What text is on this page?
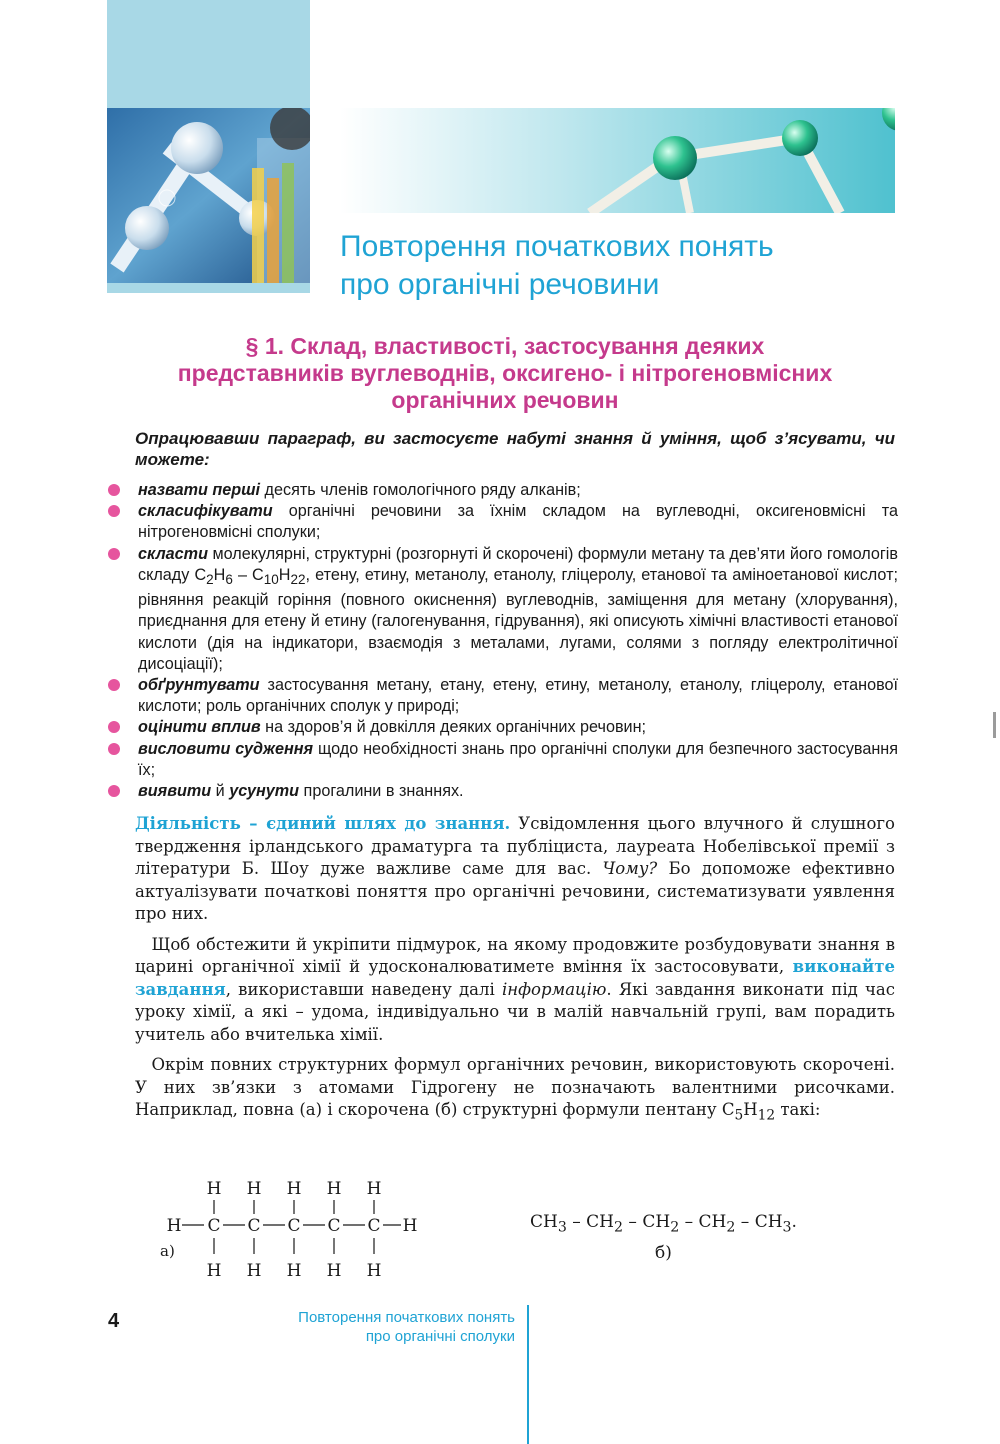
Повторення початкових понять
про органічні речовини
§ 1. Склад, властивості, застосування деяких
представників вуглеводнів, оксигено- і нітрогеновмісних
органічних речовин
Опрацювавши параграф, ви застосуєте набуті знання й уміння, щоб з’ясувати, чи можете:
назвати перші десять членів гомологічного ряду алканів;
скласифікувати органічні речовини за їхнім складом на вуглеводні, оксигеновмісні та нітрогеновмісні сполуки;
скласти молекулярні, структурні (розгорнуті й скорочені) формули метану та дев’яти його гомологів складу $C_2H_6 - C_{10}H_{22}$, етену, етину, метанолу, етанолу, гліцеролу, етанової та аміноетанової кислот; рівняння реакцій горіння (повного окиснення) вуглеводнів, заміщення для метану (хлорування), приєднання для етену й етину (галогенування, гідрування), які описують хімічні властивості етанової кислоти (дія на індикатори, взаємодія з металами, лугами, солями з погляду електролітичної дисоціації);
обґрунтувати застосування метану, етану, етену, етину, метанолу, етанолу, гліцеролу, етанової кислоти; роль органічних сполук у природі;
оцінити вплив на здоров’я й довкілля деяких органічних речовин;
висловити судження щодо необхідності знань про органічні сполуки для безпечного застосування їх;
виявити й усунути прогалини в знаннях.

Діяльність – єдиний шлях до знання. Усвідомлення цього влучного й слушного твердження ірландського драматурга та публіциста, лауреата Нобелівської премії з літератури Б. Шоу дуже важливе саме для вас. Чому? Бо допоможе ефективно актуалізувати початкові поняття про органічні речовини, систематизувати уявлення про них.

 Щоб обстежити й укріпити підмурок, на якому продовжите розбудовувати знання в царині органічної хімії й удосконалюватимете вміння їх застосовувати, виконайте завдання, використавши наведену далі інформацію. Які завдання виконати під час уроку хімії, а які – удома, індивідуально чи в малій навчальній групі, вам порадить учитель або вчителька хімії.

 Окрім повних структурних формул органічних речовин, використовують скорочені. У них зв’язки з атомами Гідрогену не позначають валентними рисочками. Наприклад, повна (а) і скорочена (б) структурні формули пентану $C_5H_{12}$ такі:

H
C
H
H
C
H
H
C
H
H
C
H
H
C
H
H	H
а)
$CH_3 - CH_2 - CH_2 - CH_2 - CH_3$.
б)
4	Повторення початкових понять
про органічні сполуки
